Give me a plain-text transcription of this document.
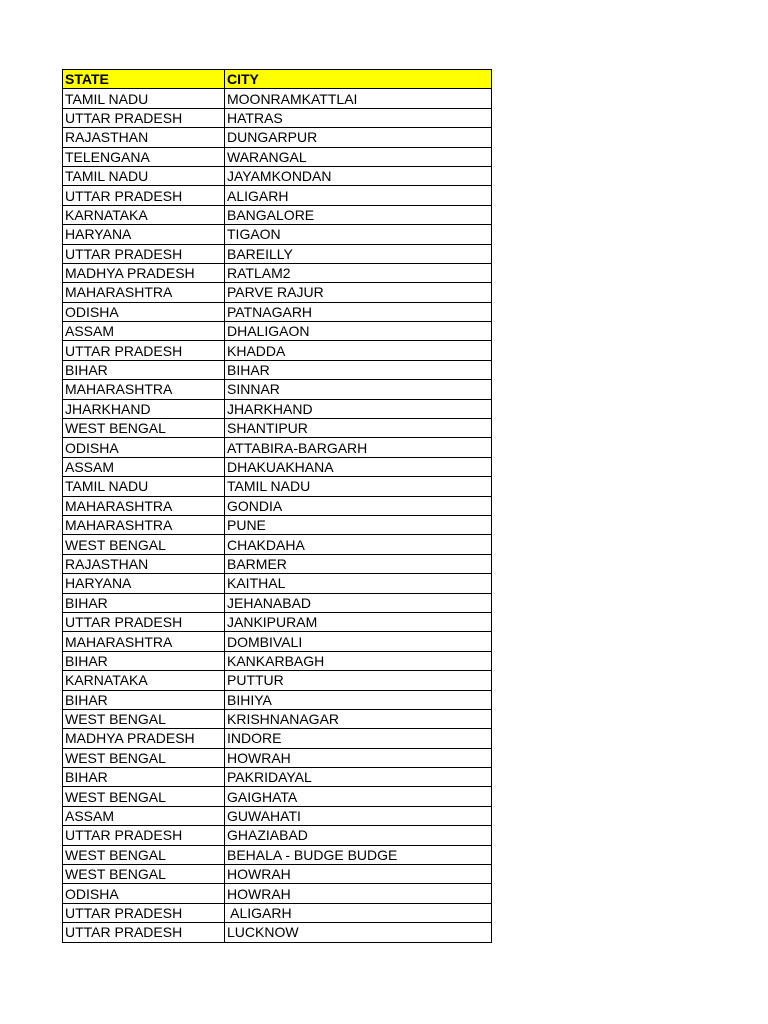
STATE	CITY
TAMIL NADU	MOONRAMKATTLAI
UTTAR PRADESH	HATRAS
RAJASTHAN	DUNGARPUR
TELENGANA	WARANGAL
TAMIL NADU	JAYAMKONDAN
UTTAR PRADESH	ALIGARH
KARNATAKA	BANGALORE
HARYANA	TIGAON
UTTAR PRADESH	BAREILLY
MADHYA PRADESH	RATLAM2
MAHARASHTRA	PARVE RAJUR
ODISHA	PATNAGARH
ASSAM	DHALIGAON
UTTAR PRADESH	KHADDA
BIHAR	BIHAR
MAHARASHTRA	SINNAR
JHARKHAND	JHARKHAND
WEST BENGAL	SHANTIPUR
ODISHA	ATTABIRA-BARGARH
ASSAM	DHAKUAKHANA
TAMIL NADU	TAMIL NADU
MAHARASHTRA	GONDIA
MAHARASHTRA	PUNE
WEST BENGAL	CHAKDAHA
RAJASTHAN	BARMER
HARYANA	KAITHAL
BIHAR	JEHANABAD
UTTAR PRADESH	JANKIPURAM
MAHARASHTRA	DOMBIVALI
BIHAR	KANKARBAGH
KARNATAKA	PUTTUR
BIHAR	BIHIYA
WEST BENGAL	KRISHNANAGAR
MADHYA PRADESH	INDORE
WEST BENGAL	HOWRAH
BIHAR	PAKRIDAYAL
WEST BENGAL	GAIGHATA
ASSAM	GUWAHATI
UTTAR PRADESH	GHAZIABAD
WEST BENGAL	BEHALA - BUDGE BUDGE
WEST BENGAL	HOWRAH
ODISHA	HOWRAH
UTTAR PRADESH	ALIGARH
UTTAR PRADESH	LUCKNOW
